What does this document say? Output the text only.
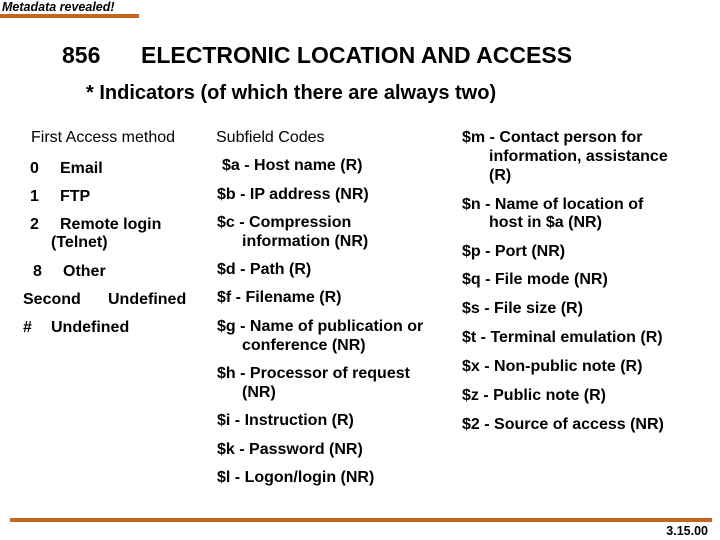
Metadata revealed!
856 ELECTRONIC LOCATION AND ACCESS
* Indicators (of which there are always two)
First Access method
0 Email
1 FTP
2 Remote login
(Telnet)
8 Other
Second Undefined
# Undefined
Subfield Codes
$a - Host name (R)
$b - IP address (NR)
$c - Compression
information (NR)
$d - Path (R)
$f - Filename (R)
$g - Name of publication or
conference (NR)
$h - Processor of request
(NR)
$i - Instruction (R)
$k - Password (NR)
$l - Logon/login (NR)
$m - Contact person for
information, assistance
(R)
$n - Name of location of
host in $a (NR)
$p - Port (NR)
$q - File mode (NR)
$s - File size (R)
$t - Terminal emulation (R)
$x - Non-public note (R)
$z - Public note (R)
$2 - Source of access (NR)
3.15.00
